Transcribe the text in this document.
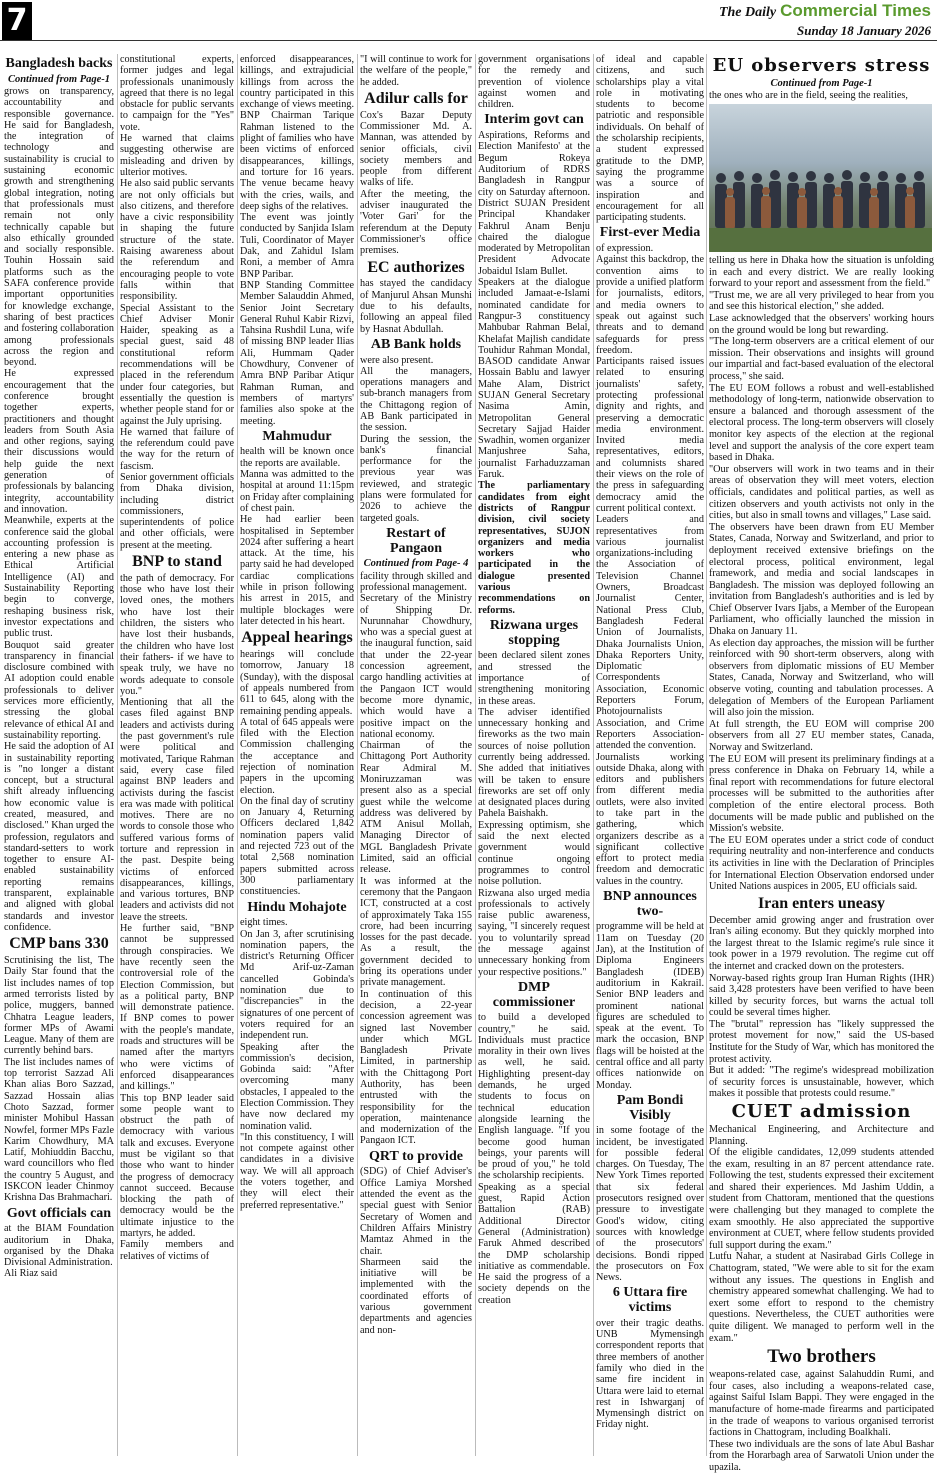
7	The Daily Commercial Times
Sunday 18 January 2026
Bangladesh backs
Continued from Page-1

grows on transparency, accountability and responsible governance. He said for Bangladesh, the integration of technology and sustainability is crucial to sustaining economic growth and strengthening global integration, noting that professionals must remain not only technically capable but also ethically grounded and socially responsible. Touhin Hossain said platforms such as the SAFA conference provide important opportunities for knowledge exchange, sharing of best practices and fostering collaboration among professionals across the region and beyond.

He expressed encouragement that the conference brought together experts, practitioners and thought leaders from South Asia and other regions, saying their discussions would help guide the next generation of professionals by balancing integrity, accountability and innovation.

Meanwhile, experts at the conference said the global accounting profession is entering a new phase as Ethical Artificial Intelligence (AI) and Sustainability Reporting begin to converge, reshaping business risk, investor expectations and public trust.

Bouquot said greater transparency in financial disclosure combined with AI adoption could enable professionals to deliver services more efficiently, stressing the global relevance of ethical AI and sustainability reporting.

He said the adoption of AI in sustainability reporting is "no longer a distant concept, but a structural shift already influencing how economic value is created, measured, and disclosed." Khan urged the profession, regulators and standard-setters to work together to ensure AI-enabled sustainability reporting remains transparent, explainable and aligned with global standards and investor confidence.

CMP bans 330

Scrutinising the list, The Daily Star found that the list includes names of top armed terrorists listed by police, muggers, banned Chhatra League leaders, former MPs of Awami League. Many of them are currently behind bars.

The list includes names of top terrorist Sazzad Ali Khan alias Boro Sazzad, Sazzad Hossain alias Choto Sazzad, former minister Mohibul Hassan Nowfel, former MPs Fazle Karim Chowdhury, MA Latif, Mohiuddin Bacchu, ward councillors who fled the country 5 August, and ISKCON leader Chinmoy Krishna Das Brahmachari.

Govt officials can

at the BIAM Foundation auditorium in Dhaka, organised by the Dhaka Divisional Administration.

Ali Riaz said

constitutional experts, former judges and legal professionals unanimously agreed that there is no legal obstacle for public servants to campaign for the "Yes" vote.

He warned that claims suggesting otherwise are misleading and driven by ulterior motives.

He also said public servants are not only officials but also citizens, and therefore have a civic responsibility in shaping the future structure of the state. Raising awareness about the referendum and encouraging people to vote falls within that responsibility.

Special Assistant to the Chief Adviser Monir Haider, speaking as a special guest, said 48 constitutional reform recommendations will be placed in the referendum under four categories, but essentially the question is whether people stand for or against the July uprising.

He warned that failure of the referendum could pave the way for the return of fascism.

Senior government officials from Dhaka division, including district commissioners, superintendents of police and other officials, were present at the meeting.

BNP to stand

the path of democracy. For those who have lost their loved ones, the mothers who have lost their children, the sisters who have lost their husbands, the children who have lost their fathers- if we have to speak truly, we have no words adequate to console you."

Mentioning that all the cases filed against BNP leaders and activists during the past government's rule were political and motivated, Tarique Rahman said, every case filed against BNP leaders and activists during the fascist era was made with political motives. There are no words to console those who suffered various forms of torture and repression in the past. Despite being victims of enforced disappearances, killings, and various tortures, BNP leaders and activists did not leave the streets.

He further said, "BNP cannot be suppressed through conspiracies. We have recently seen the controversial role of the Election Commission, but as a political party, BNP will demonstrate patience. If BNP comes to power with the people's mandate, roads and structures will be named after the martyrs who were victims of enforced disappearances and killings."

This top BNP leader said some people want to obstruct the path of democracy with various talk and excuses. Everyone must be vigilant so that those who want to hinder the progress of democracy cannot succeed. Because blocking the path of democracy would be the ultimate injustice to the martyrs, he added.

Family members and relatives of victims of

enforced disappearances, killings, and extrajudicial killings from across the country participated in this exchange of views meeting. BNP Chairman Tarique Rahman listened to the plight of families who have been victims of enforced disappearances, killings, and torture for 16 years. The venue became heavy with the cries, wails, and deep sighs of the relatives.

The event was jointly conducted by Sanjida Islam Tuli, Coordinator of Mayer Dak, and Zahidul Islam Roni, a member of Amra BNP Paribar.

BNP Standing Committee Member Salauddin Ahmed, Senior Joint Secretary General Ruhul Kabir Rizvi, Tahsina Rushdil Luna, wife of missing BNP leader Ilias Ali, Hummam Qader Chowdhury, Convener of Amra BNP Paribar Atiqur Rahman Ruman, and members of martyrs' families also spoke at the meeting.

Mahmudur

health will be known once the reports are available.

Manna was admitted to the hospital at around 11:15pm on Friday after complaining of chest pain.

He had earlier been hospitalised in September 2024 after suffering a heart attack. At the time, his party said he had developed cardiac complications while in prison following his arrest in 2015, and multiple blockages were later detected in his heart.

Appeal hearings

hearings will conclude tomorrow, January 18 (Sunday), with the disposal of appeals numbered from 611 to 645, along with the remaining pending appeals.

A total of 645 appeals were filed with the Election Commission challenging the acceptance and rejection of nomination papers in the upcoming election.

On the final day of scrutiny on January 4, Returning Officers declared 1,842 nomination papers valid and rejected 723 out of the total 2,568 nomination papers submitted across 300 parliamentary constituencies.

Hindu Mohajote

eight times.

On Jan 3, after scrutinising nomination papers, the district's Returning Officer Md Arif-uz-Zaman cancelled Gobinda's nomination due to "discrepancies" in the signatures of one percent of voters required for an independent run.

Speaking after the commission's decision, Gobinda said: "After overcoming many obstacles, I appealed to the Election Commission. They have now declared my nomination valid.

"In this constituency, I will not compete against other candidates in a divisive way. We will all approach the voters together, and they will elect their preferred representative."

"I will continue to work for the welfare of the people," he added.

Adilur calls for

Cox's Bazar Deputy Commissioner Md. A. Mannan, was attended by senior officials, civil society members and people from different walks of life.

After the meeting, the adviser inaugurated the 'Voter Gari' for the referendum at the Deputy Commissioner's office premises.

EC authorizes

has stayed the candidacy of Manjurul Ahsan Munshi due to his defaults, following an appeal filed by Hasnat Abdullah.

AB Bank holds

were also present.

All the managers, operations managers and sub-branch managers from the Chittagong region of AB Bank participated in the session.

During the session, the bank's financial performance for the previous year was reviewed, and strategic plans were formulated for 2026 to achieve the targeted goals.

Restart of Pangaon
Continued from Page- 4

facility through skilled and professional management.

Secretary of the Ministry of Shipping Dr. Nurunnahar Chowdhury, who was a special guest at the inaugural function, said that under the 22-year concession agreement, cargo handling activities at the Pangaon ICT would become more dynamic, which would have a positive impact on the national economy.

Chairman of the Chittagong Port Authority Rear Admiral M. Moniruzzaman was present also as a special guest while the welcome address was delivered by ATM Anisul Mollah, Managing Director of MGL Bangladesh Private Limited, said an official release.

It was informed at the ceremony that the Pangaon ICT, constructed at a cost of approximately Taka 155 crore, had been incurring losses for the past decade. As a result, the government decided to bring its operations under private management.

In continuation of this decision, a 22-year concession agreement was signed last November under which MGL Bangladesh Private Limited, in partnership with the Chittagong Port Authority, has been entrusted with the responsibility for the operation, maintenance and modernization of the Pangaon ICT.

QRT to provide

(SDG) of Chief Adviser's Office Lamiya Morshed attended the event as the special guest with Senior Secretary of Women and Children Affairs Ministry Mamtaz Ahmed in the chair.

Sharmeen said the initiative will be implemented with the coordinated efforts of various government departments and agencies and non-

government organisations for the remedy and prevention of violence against women and children.

Interim govt can

Aspirations, Reforms and Election Manifesto' at the Begum Rokeya Auditorium of RDRS Bangladesh in Rangpur city on Saturday afternoon. District SUJAN President Principal Khandaker Fakhrul Anam Benju chaired the dialogue moderated by Metropolitan President Advocate Jobaidul Islam Bullet.

Speakers at the dialogue included Jamaat-e-Islami nominated candidate for Rangpur-3 constituency Mahbubar Rahman Belal, Khelafat Majlish candidate Touhidur Rahman Mondal, BASOD candidate Anwar Hossain Bablu and lawyer Mahe Alam, District SUJAN General Secretary Nasima Amin, Metropolitan General Secretary Sajjad Haider Swadhin, women organizer Manjushree Saha, journalist Farhaduzzaman Faruk.

The parliamentary candidates from eight districts of Rangpur division, civil society representatives, SUJON organizers and media workers who participated in the dialogue presented various recommendations on reforms.

Rizwana urges stopping

been declared silent zones and stressed the importance of strengthening monitoring in these areas.

The adviser identified unnecessary honking and fireworks as the two main sources of noise pollution currently being addressed. She added that initiatives will be taken to ensure fireworks are set off only at designated places during Pahela Baishakh.

Expressing optimism, she said the next elected government would continue ongoing programmes to control noise pollution.

Rizwana also urged media professionals to actively raise public awareness, saying, "I sincerely request you to voluntarily spread the message against unnecessary honking from your respective positions."

DMP commissioner

to build a developed country," he said. Individuals must practice morality in their own lives as well, he said. Highlighting present-day demands, he urged students to focus on technical education alongside learning the English language. "If you become good human beings, your parents will be proud of you," he told the scholarship recipients.

Speaking as a special guest, Rapid Action Battalion (RAB) Additional Director General (Administration) Faruk Ahmed described the DMP scholarship initiative as commendable. He said the progress of a society depends on the creation

of ideal and capable citizens, and such scholarships play a vital role in motivating students to become patriotic and responsible individuals. On behalf of the scholarship recipients, a student expressed gratitude to the DMP, saying the programme was a source of inspiration and encouragement for all participating students.

First-ever Media

of expression.

Against this backdrop, the convention aims to provide a unified platform for journalists, editors, and media owners to speak out against such threats and to demand safeguards for press freedom.

Participants raised issues related to ensuring journalists' safety, protecting professional dignity and rights, and preserving a democratic media environment. Invited media representatives, editors, and columnists shared their views on the role of the press in safeguarding democracy amid the current political context.

Leaders and representatives from various journalist organizations-including the Association of Television Channel Owners, Broadcast Journalist Center, National Press Club, Bangladesh Federal Union of Journalists, Dhaka Journalists Union, Dhaka Reporters Unity, Diplomatic Correspondents Association, Economic Reporters Forum, Photojournalists Association, and Crime Reporters Association-attended the convention.

Journalists working outside Dhaka, along with editors and publishers from different media outlets, were also invited to take part in the gathering, which organizers describe as a significant collective effort to protect media freedom and democratic values in the country.

BNP announces two-

programme will be held at 11am on Tuesday (20 Jan), at the Institution of Diploma Engineers Bangladesh (IDEB) auditorium in Kakrail. Senior BNP leaders and prominent national figures are scheduled to speak at the event. To mark the occasion, BNP flags will be hoisted at the central office and all party offices nationwide on Monday.

Pam Bondi Visibly

in some footage of the incident, be investigated for possible federal charges. On Tuesday, The New York Times reported that six federal prosecutors resigned over pressure to investigate Good's widow, citing sources with knowledge of the prosecutors' decisions. Bondi ripped the prosecutors on Fox News.

6 Uttara fire victims

over their tragic deaths. UNB Mymensingh correspondent reports that three members of another family who died in the same fire incident in Uttara were laid to eternal rest in Ishwarganj of Mymensingh district on Friday night.

EU observers stress
Continued from Page-1

the ones who are in the field, seeing the realities,

telling us here in Dhaka how the situation is unfolding in each and every district. We are really looking forward to your report and assessment from the field."

"Trust me, we are all very privileged to hear from you and see this historical election," she added.

Lase acknowledged that the observers' working hours on the ground would be long but rewarding.

"The long-term observers are a critical element of our mission. Their observations and insights will ground our impartial and fact-based evaluation of the electoral process," she said.

The EU EOM follows a robust and well-established methodology of long-term, nationwide observation to ensure a balanced and thorough assessment of the electoral process. The long-term observers will closely monitor key aspects of the election at the regional level and support the analysis of the core expert team based in Dhaka.

"Our observers will work in two teams and in their areas of observation they will meet voters, election officials, candidates and political parties, as well as citizen observers and youth activists not only in the cities, but also in small towns and villages," Lase said.

The observers have been drawn from EU Member States, Canada, Norway and Switzerland, and prior to deployment received extensive briefings on the electoral process, political environment, legal framework, and media and social landscapes in Bangladesh. The mission was deployed following an invitation from Bangladesh's authorities and is led by Chief Observer Ivars Ijabs, a Member of the European Parliament, who officially launched the mission in Dhaka on January 11.

As election day approaches, the mission will be further reinforced with 90 short-term observers, along with observers from diplomatic missions of EU Member States, Canada, Norway and Switzerland, who will observe voting, counting and tabulation processes. A delegation of Members of the European Parliament will also join the mission.

At full strength, the EU EOM will comprise 200 observers from all 27 EU member states, Canada, Norway and Switzerland.

The EU EOM will present its preliminary findings at a press conference in Dhaka on February 14, while a final report with recommendations for future electoral processes will be submitted to the authorities after completion of the entire electoral process. Both documents will be made public and published on the Mission's website.

The EU EOM operates under a strict code of conduct requiring neutrality and non-interference and conducts its activities in line with the Declaration of Principles for International Election Observation endorsed under United Nations auspices in 2005, EU officials said.

Iran enters uneasy

December amid growing anger and frustration over Iran's ailing economy. But they quickly morphed into the largest threat to the Islamic regime's rule since it took power in a 1979 revolution. The regime cut off the internet and cracked down on the protesters.

Norway-based rights group Iran Human Rights (IHR) said 3,428 protesters have been verified to have been killed by security forces, but warns the actual toll could be several times higher.

The "brutal" repression has "likely suppressed the protest movement for now," said the US-based Institute for the Study of War, which has monitored the protest activity.

But it added: "The regime's widespread mobilization of security forces is unsustainable, however, which makes it possible that protests could resume."

CUET admission

Mechanical Engineering, and Architecture and Planning.

Of the eligible candidates, 12,099 students attended the exam, resulting in an 87 percent attendance rate. Following the test, students expressed their excitement and shared their experiences. Md Jashim Uddin, a student from Chattoram, mentioned that the questions were challenging but they managed to complete the exam smoothly. He also appreciated the supportive environment at CUET, where fellow students provided full support during the exam."

Lutfu Nahar, a student at Nasirabad Girls College in Chattogram, stated, "We were able to sit for the exam without any issues. The questions in English and chemistry appeared somewhat challenging. We had to exert some effort to respond to the chemistry questions. Nevertheless, the CUET authorities were quite diligent. We managed to perform well in the exam."

Two brothers

weapons-related case, against Salahuddin Rumi, and four cases, also including a weapons-related case, against Saiful Islam Bappi. They were engaged in the manufacture of home-made firearms and participated in the trade of weapons to various organised terrorist factions in Chattogram, including Boalkhali.

These two individuals are the sons of late Abul Bashar from the Horarbagh area of Sarwatoli Union under the upazila.
